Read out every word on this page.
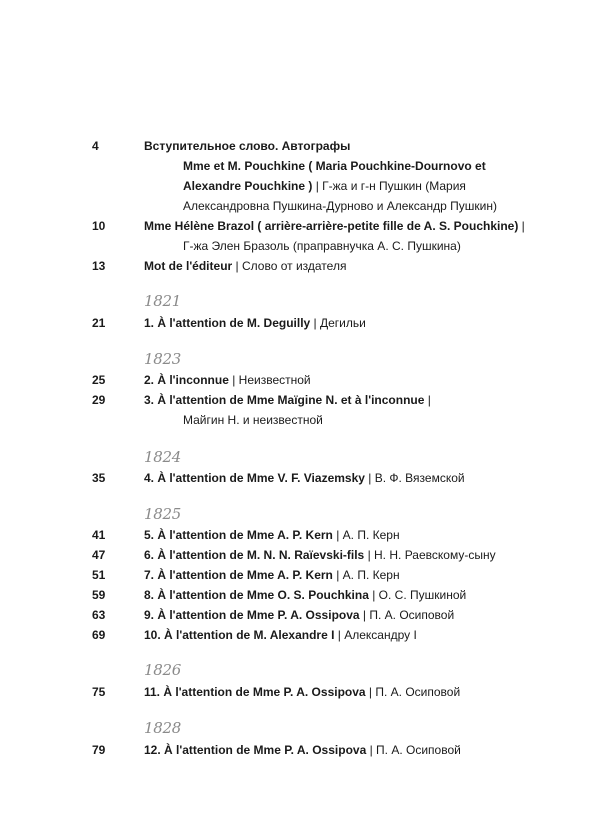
4	Вступительное слово. Автографы
Mme et M. Pouchkine ( Maria Pouchkine-Dournovo et
Alexandre Pouchkine ) | Г-жа и г-н Пушкин (Мария
Александровна Пушкина-Дурново и Александр Пушкин)
10	Mme Hélène Brazol ( arrière-arrière-petite fille de A. S. Pouchkine) |
Г-жа Элен Бразоль (праправнучка А. С. Пушкина)
13	Mot de l'éditeur | Слово от издателя
1821
21	1. À l'attention de M. Deguilly | Дегильи
1823
25	2. À l'inconnue | Неизвестной
29	3. À l'attention de Mme Maïgine N. et à l'inconnue |
Майгин Н. и неизвестной
1824
35	4. À l'attention de Mme V. F. Viazemsky | В. Ф. Вяземской
1825
41	5. À l'attention de Mme A. P. Kern | А. П. Керн
47	6. À l'attention de M. N. N. Raïevski-fils | Н. Н. Раевскому-сыну
51	7. À l'attention de Mme A. P. Kern | А. П. Керн
59	8. À l'attention de Mme O. S. Pouchkina | О. С. Пушкиной
63	9. À l'attention de Mme P. A. Ossipova | П. А. Осиповой
69	10. À l'attention de M. Alexandre I | Александру I
1826
75	11. À l'attention de Mme P. A. Ossipova | П. А. Осиповой
1828
79	12. À l'attention de Mme P. A. Ossipova | П. А. Осиповой
